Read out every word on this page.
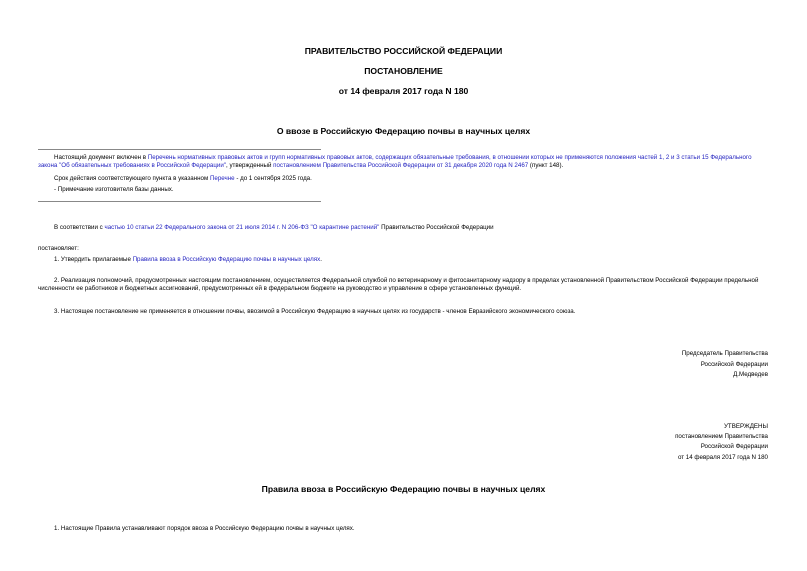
ПРАВИТЕЛЬСТВО РОССИЙСКОЙ ФЕДЕРАЦИИ
ПОСТАНОВЛЕНИЕ
от 14 февраля 2017 года N 180
О ввозе в Российскую Федерацию почвы в научных целях
Настоящий документ включен в Перечень нормативных правовых актов и групп нормативных правовых актов, содержащих обязательные требования, в отношении которых не применяются положения частей 1, 2 и 3 статьи 15 Федерального закона "Об обязательных требованиях в Российской Федерации", утвержденный постановлением Правительства Российской Федерации от 31 декабря 2020 года N 2467 (пункт 148).
Срок действия соответствующего пункта в указанном Перечне - до 1 сентября 2025 года.
- Примечание изготовителя базы данных.
В соответствии с частью 10 статьи 22 Федерального закона от 21 июля 2014 г. N 206-ФЗ "О карантине растений" Правительство Российской Федерации
постановляет:
1. Утвердить прилагаемые Правила ввоза в Российскую Федерацию почвы в научных целях.
2. Реализация полномочий, предусмотренных настоящим постановлением, осуществляется Федеральной службой по ветеринарному и фитосанитарному надзору в пределах установленной Правительством Российской Федерации предельной численности ее работников и бюджетных ассигнований, предусмотренных ей в федеральном бюджете на руководство и управление в сфере установленных функций.
3. Настоящее постановление не применяется в отношении почвы, ввозимой в Российскую Федерацию в научных целях из государств - членов Евразийского экономического союза.
Председатель Правительства
Российской Федерации
Д.Медведев
УТВЕРЖДЕНЫ
постановлением Правительства
Российской Федерации
от 14 февраля 2017 года N 180
Правила ввоза в Российскую Федерацию почвы в научных целях
1. Настоящие Правила устанавливают порядок ввоза в Российскую Федерацию почвы в научных целях.
